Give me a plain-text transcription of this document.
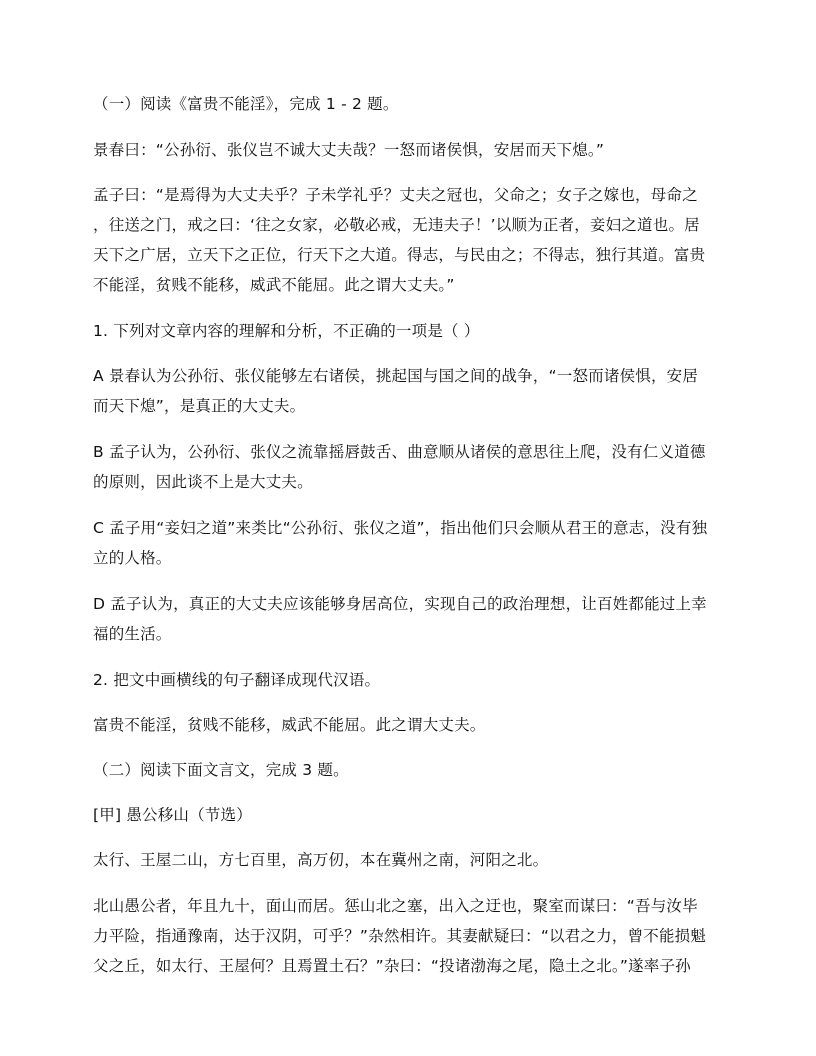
（一）阅读《富贵不能淫》，完成 1 - 2 题。
景春曰：“公孙衍、张仪岂不诚大丈夫哉？一怒而诸侯惧，安居而天下熄。”
孟子曰：“是焉得为大丈夫乎？子未学礼乎？丈夫之冠也，父命之；女子之嫁也，母命之
，往送之门，戒之曰：‘往之女家，必敬必戒，无违夫子！’以顺为正者，妾妇之道也。居
天下之广居，立天下之正位，行天下之大道。得志，与民由之；不得志，独行其道。富贵
不能淫，贫贱不能移，威武不能屈。此之谓大丈夫。”
1. 下列对文章内容的理解和分析，不正确的一项是（ ）
A 景春认为公孙衍、张仪能够左右诸侯，挑起国与国之间的战争，“一怒而诸侯惧，安居
而天下熄”，是真正的大丈夫。
B 孟子认为，公孙衍、张仪之流靠摇唇鼓舌、曲意顺从诸侯的意思往上爬，没有仁义道德
的原则，因此谈不上是大丈夫。
C 孟子用“妾妇之道”来类比“公孙衍、张仪之道”，指出他们只会顺从君王的意志，没有独
立的人格。
D 孟子认为，真正的大丈夫应该能够身居高位，实现自己的政治理想，让百姓都能过上幸
福的生活。
2. 把文中画横线的句子翻译成现代汉语。
富贵不能淫，贫贱不能移，威武不能屈。此之谓大丈夫。
（二）阅读下面文言文，完成 3 题。
[甲] 愚公移山（节选）
太行、王屋二山，方七百里，高万仞，本在冀州之南，河阳之北。
北山愚公者，年且九十，面山而居。惩山北之塞，出入之迂也，聚室而谋曰：“吾与汝毕
力平险，指通豫南，达于汉阴，可乎？”杂然相许。其妻献疑曰：“以君之力，曾不能损魁
父之丘，如太行、王屋何？且焉置土石？”杂曰：“投诸渤海之尾，隐土之北。”遂率子孙
